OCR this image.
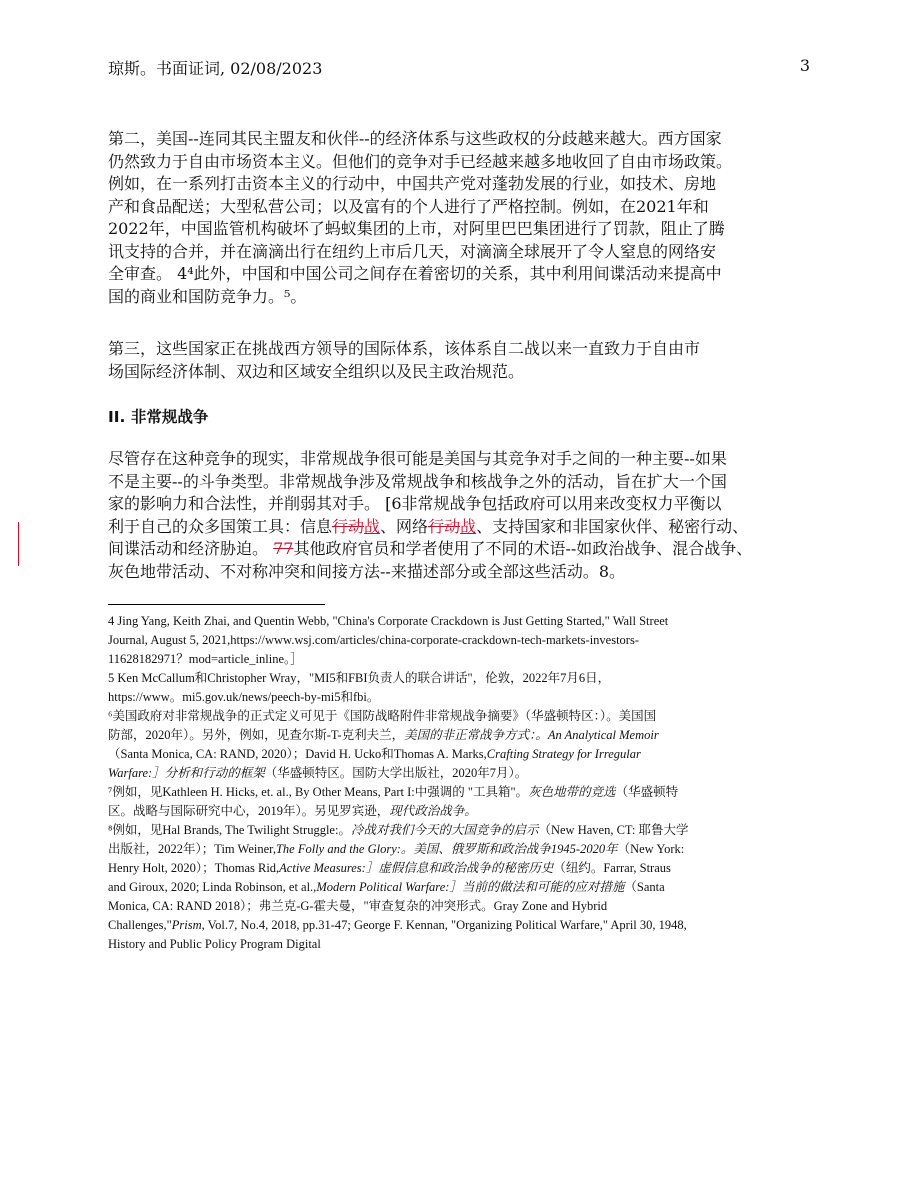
琼斯。书面证词, 02/08/2023	3
第二，美国--连同其民主盟友和伙伴--的经济体系与这些政权的分歧越来越大。西方国家
仍然致力于自由市场资本主义。但他们的竞争对手已经越来越多地收回了自由市场政策。
例如，在一系列打击资本主义的行动中，中国共产党对蓬勃发展的行业，如技术、房地
产和食品配送；大型私营公司；以及富有的个人进行了严格控制。例如，在2021年和
2022年，中国监管机构破坏了蚂蚁集团的上市，对阿里巴巴集团进行了罚款，阻止了腾
讯支持的合并，并在滴滴出行在纽约上市后几天，对滴滴全球展开了令人窒息的网络安
全审查。 4⁴此外，中国和中国公司之间存在着密切的关系，其中利用间谍活动来提高中
国的商业和国防竞争力。⁵。
第三，这些国家正在挑战西方领导的国际体系，该体系自二战以来一直致力于自由市
场国际经济体制、双边和区域安全组织以及民主政治规范。
II. 非常规战争
尽管存在这种竞争的现实，非常规战争很可能是美国与其竞争对手之间的一种主要--如果
不是主要--的斗争类型。非常规战争涉及常规战争和核战争之外的活动，旨在扩大一个国
家的影响力和合法性，并削弱其对手。 [6非常规战争包括政府可以用来改变权力平衡以
利于自己的众多国策工具：信息行动战、网络行动战、支持国家和非国家伙伴、秘密行动、
间谍活动和经济胁迫。 77其他政府官员和学者使用了不同的术语--如政治战争、混合战争、
灰色地带活动、不对称冲突和间接方法--来描述部分或全部这些活动。8。
4 Jing Yang, Keith Zhai, and Quentin Webb, "China's Corporate Crackdown is Just Getting Started," Wall Street
Journal, August 5, 2021,https://www.wsj.com/articles/china-corporate-crackdown-tech-markets-investors-
11628182971？mod=article_inline。］
5 Ken McCallum和Christopher Wray，"MI5和FBI负责人的联合讲话"，伦敦，2022年7月6日，
https://www。mi5.gov.uk/news/peech-by-mi5和fbi。
⁶美国政府对非常规战争的正式定义可见于《国防战略附件非常规战争摘要》（华盛顿特区：）。美国国
防部，2020年）。另外，例如，见查尔斯-T-克利夫兰，美国的非正常战争方式：。An Analytical Memoir
（Santa Monica, CA: RAND, 2020）；David H. Ucko和Thomas A. Marks,Crafting Strategy for Irregular
Warfare:］分析和行动的框架（华盛顿特区。国防大学出版社，2020年7月）。
⁷例如，见Kathleen H. Hicks, et. al., By Other Means, Part I:中强调的 "工具箱"。灰色地带的竞选（华盛顿特
区。战略与国际研究中心，2019年）。另见罗宾逊，现代政治战争。
⁸例如，见Hal Brands, The Twilight Struggle:。冷战对我们今天的大国竞争的启示（New Haven, CT: 耶鲁大学
出版社，2022年）；Tim Weiner,The Folly and the Glory:。美国、俄罗斯和政治战争1945-2020年（New York:
Henry Holt, 2020）；Thomas Rid,Active Measures:］虚假信息和政治战争的秘密历史（纽约。Farrar, Straus
and Giroux, 2020; Linda Robinson, et al.,Modern Political Warfare:］当前的做法和可能的应对措施（Santa
Monica, CA: RAND 2018）；弗兰克-G-霍夫曼，"审查复杂的冲突形式。Gray Zone and Hybrid
Challenges,"Prism, Vol.7, No.4, 2018, pp.31-47; George F. Kennan, "Organizing Political Warfare," April 30, 1948,
History and Public Policy Program Digital
